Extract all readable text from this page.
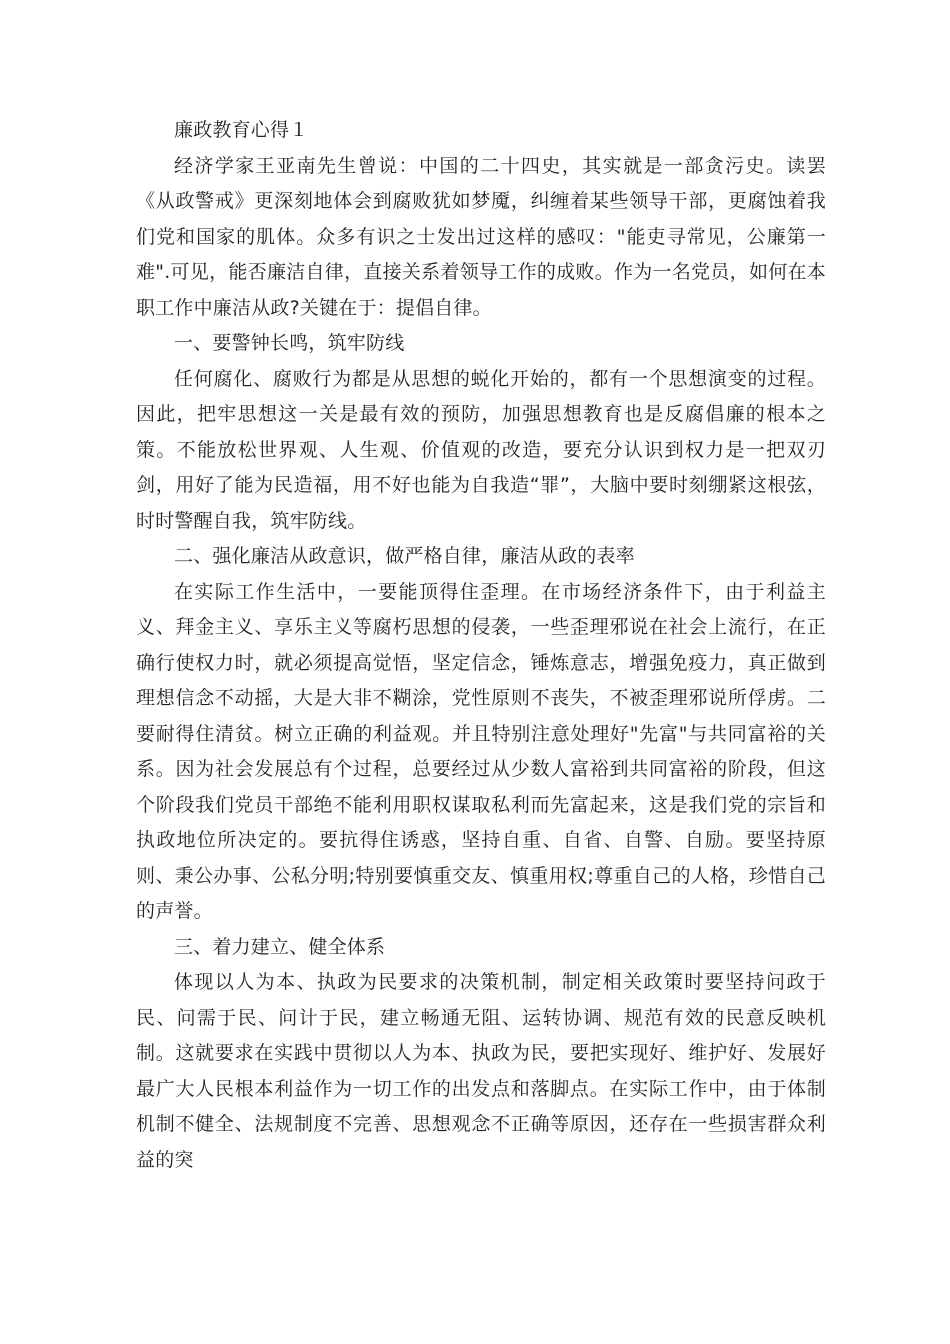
廉政教育心得１

经济学家王亚南先生曾说：中国的二十四史，其实就是一部贪污史。读罢《从政警戒》更深刻地体会到腐败犹如梦魇，纠缠着某些领导干部，更腐蚀着我们党和国家的肌体。众多有识之士发出过这样的感叹："能吏寻常见，公廉第一难".可见，能否廉洁自律，直接关系着领导工作的成败。作为一名党员，如何在本职工作中廉洁从政?关键在于：提倡自律。

一、要警钟长鸣，筑牢防线

任何腐化、腐败行为都是从思想的蜕化开始的，都有一个思想演变的过程。因此，把牢思想这一关是最有效的预防，加强思想教育也是反腐倡廉的根本之策。不能放松世界观、人生观、价值观的改造，要充分认识到权力是一把双刃剑，用好了能为民造福，用不好也能为自我造“罪”，大脑中要时刻绷紧这根弦，时时警醒自我，筑牢防线。

二、强化廉洁从政意识，做严格自律，廉洁从政的表率

在实际工作生活中，一要能顶得住歪理。在市场经济条件下，由于利益主义、拜金主义、享乐主义等腐朽思想的侵袭，一些歪理邪说在社会上流行，在正确行使权力时，就必须提高觉悟，坚定信念，锤炼意志，增强免疫力，真正做到理想信念不动摇，大是大非不糊涂，党性原则不丧失，不被歪理邪说所俘虏。二要耐得住清贫。树立正确的利益观。并且特别注意处理好"先富"与共同富裕的关系。因为社会发展总有个过程，总要经过从少数人富裕到共同富裕的阶段，但这个阶段我们党员干部绝不能利用职权谋取私利而先富起来，这是我们党的宗旨和执政地位所决定的。要抗得住诱惑，坚持自重、自省、自警、自励。要坚持原则、秉公办事、公私分明;特别要慎重交友、慎重用权;尊重自己的人格，珍惜自己的声誉。

三、着力建立、健全体系

体现以人为本、执政为民要求的决策机制，制定相关政策时要坚持问政于民、问需于民、问计于民，建立畅通无阻、运转协调、规范有效的民意反映机制。这就要求在实践中贯彻以人为本、执政为民，要把实现好、维护好、发展好最广大人民根本利益作为一切工作的出发点和落脚点。在实际工作中，由于体制机制不健全、法规制度不完善、思想观念不正确等原因，还存在一些损害群众利益的突
